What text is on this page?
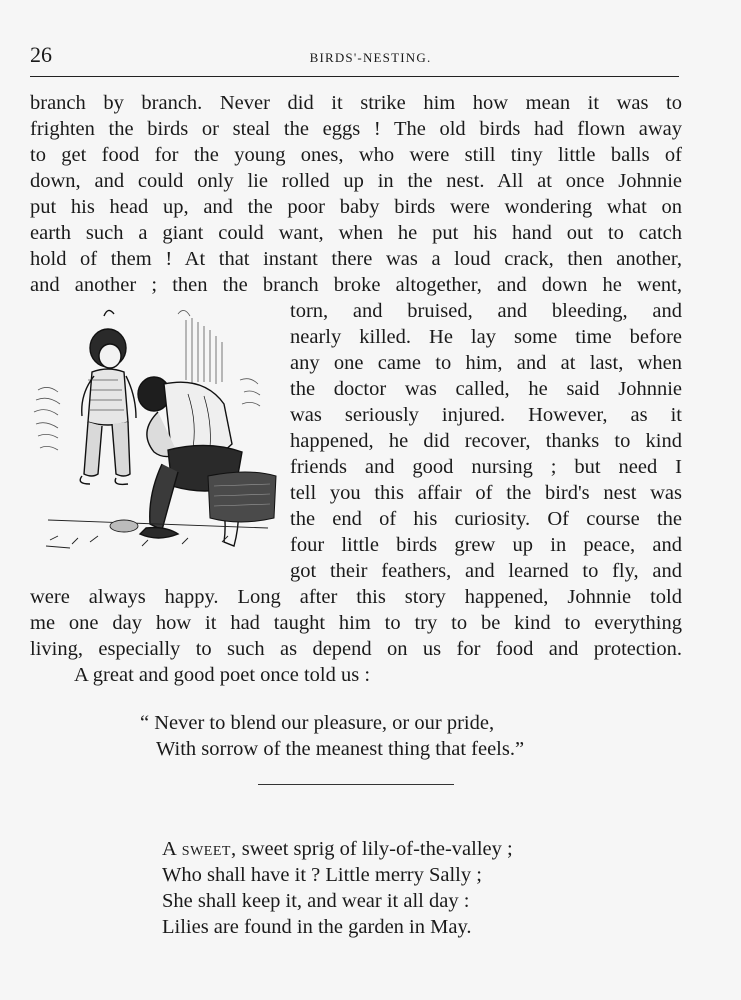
26	BIRDS'-NESTING.
branch by branch. Never did it strike him how mean it was to
frighten the birds or steal the eggs ! The old birds had flown away
to get food for the young ones, who were still tiny little balls of
down, and could only lie rolled up in the nest. All at once Johnnie
put his head up, and the poor baby birds were wondering what on
earth such a giant could want, when he put his hand out to catch
hold of them ! At that instant there was a loud crack, then another,
and another ; then the branch broke altogether, and down he went,
torn, and bruised, and bleeding, and
nearly killed. He lay some time before
any one came to him, and at last, when
the doctor was called, he said Johnnie
was seriously injured. However, as it
happened, he did recover, thanks to kind
friends and good nursing ; but need I
tell you this affair of the bird's nest was
the end of his curiosity. Of course the
four little birds grew up in peace, and
got their feathers, and learned to fly, and
were always happy. Long after this story happened, Johnnie told
me one day how it had taught him to try to be kind to everything
living, especially to such as depend on us for food and protection.
A great and good poet once told us :
“ Never to blend our pleasure, or our pride,
With sorrow of the meanest thing that feels.”
A sweet, sweet sprig of lily-of-the-valley ;
Who shall have it ? Little merry Sally ;
She shall keep it, and wear it all day :
Lilies are found in the garden in May.
